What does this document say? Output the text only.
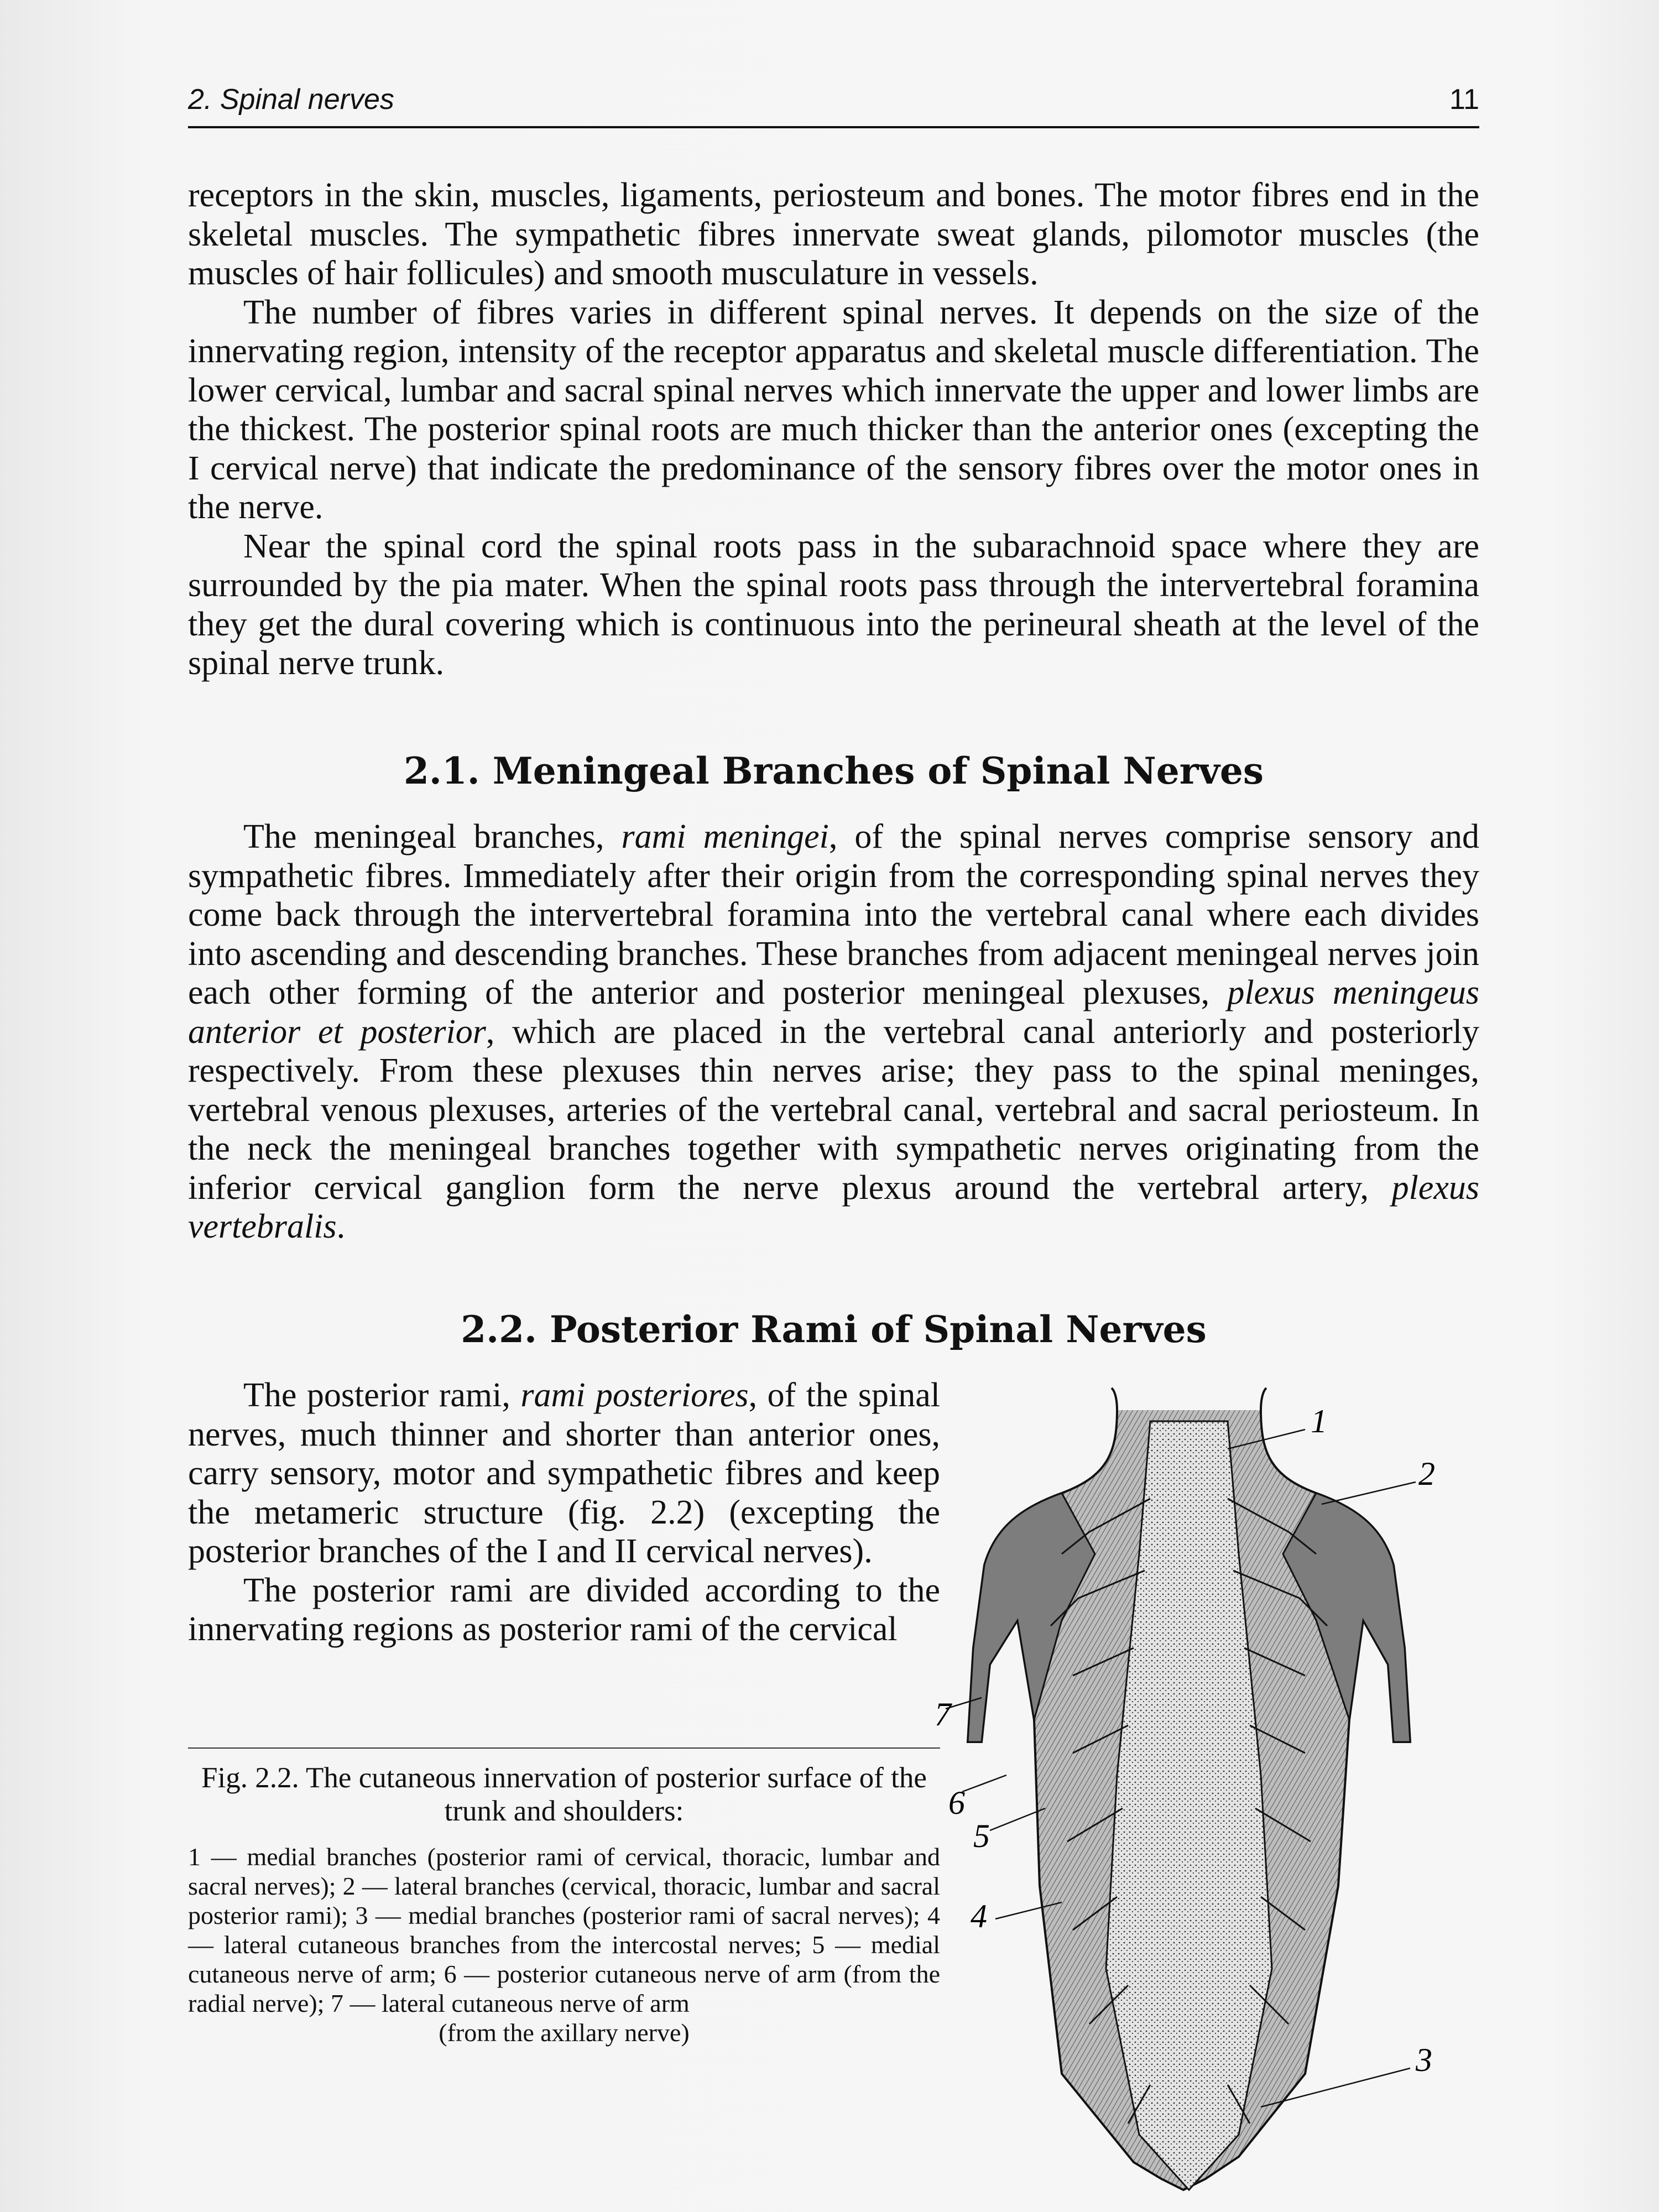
2. Spinal nerves	11

receptors in the skin, muscles, ligaments, periosteum and bones. The motor fibres end in the skeletal muscles. The sympathetic fibres innervate sweat glands, pilomotor muscles (the muscles of hair follicules) and smooth musculature in vessels.

The number of fibres varies in different spinal nerves. It depends on the size of the innervating region, intensity of the receptor apparatus and skeletal muscle differentiation. The lower cervical, lumbar and sacral spinal nerves which innervate the upper and lower limbs are the thickest. The posterior spinal roots are much thicker than the anterior ones (excepting the I cervical nerve) that indicate the predominance of the sensory fibres over the motor ones in the nerve.

Near the spinal cord the spinal roots pass in the subarachnoid space where they are surrounded by the pia mater. When the spinal roots pass through the intervertebral foramina they get the dural covering which is continuous into the perineural sheath at the level of the spinal nerve trunk.

2.1. Meningeal Branches of Spinal Nerves

The meningeal branches, rami meningei, of the spinal nerves comprise sensory and sympathetic fibres. Immediately after their origin from the corresponding spinal nerves they come back through the intervertebral foramina into the vertebral canal where each divides into ascending and descending branches. These branches from adjacent meningeal nerves join each other forming of the anterior and posterior meningeal plexuses, plexus meningeus anterior et posterior, which are placed in the vertebral canal anteriorly and posteriorly respectively. From these plexuses thin nerves arise; they pass to the spinal meninges, vertebral venous plexuses, arteries of the vertebral canal, vertebral and sacral periosteum. In the neck the meningeal branches together with sympathetic nerves originating from the inferior cervical ganglion form the nerve plexus around the vertebral artery, plexus vertebralis.

2.2. Posterior Rami of Spinal Nerves

The posterior rami, rami posteriores, of the spinal nerves, much thinner and shorter than anterior ones, carry sensory, motor and sympathetic fibres and keep the metameric structure (fig. 2.2) (excepting the posterior branches of the I and II cervical nerves).

The posterior rami are divided according to the innervating regions as posterior rami of the cervical

Fig. 2.2. The cutaneous innervation of posterior surface of the trunk and shoulders:
1 — medial branches (posterior rami of cervical, thoracic, lumbar and sacral nerves); 2 — lateral branches (cervical, thoracic, lumbar and sacral posterior rami); 3 — medial branches (posterior rami of sacral nerves); 4 — lateral cutaneous branches from the intercostal nerves; 5 — medial cutaneous nerve of arm; 6 — posterior cutaneous nerve of arm (from the radial nerve); 7 — lateral cutaneous nerve of arm
(from the axillary nerve)
1
2
3
4
5
6
7
